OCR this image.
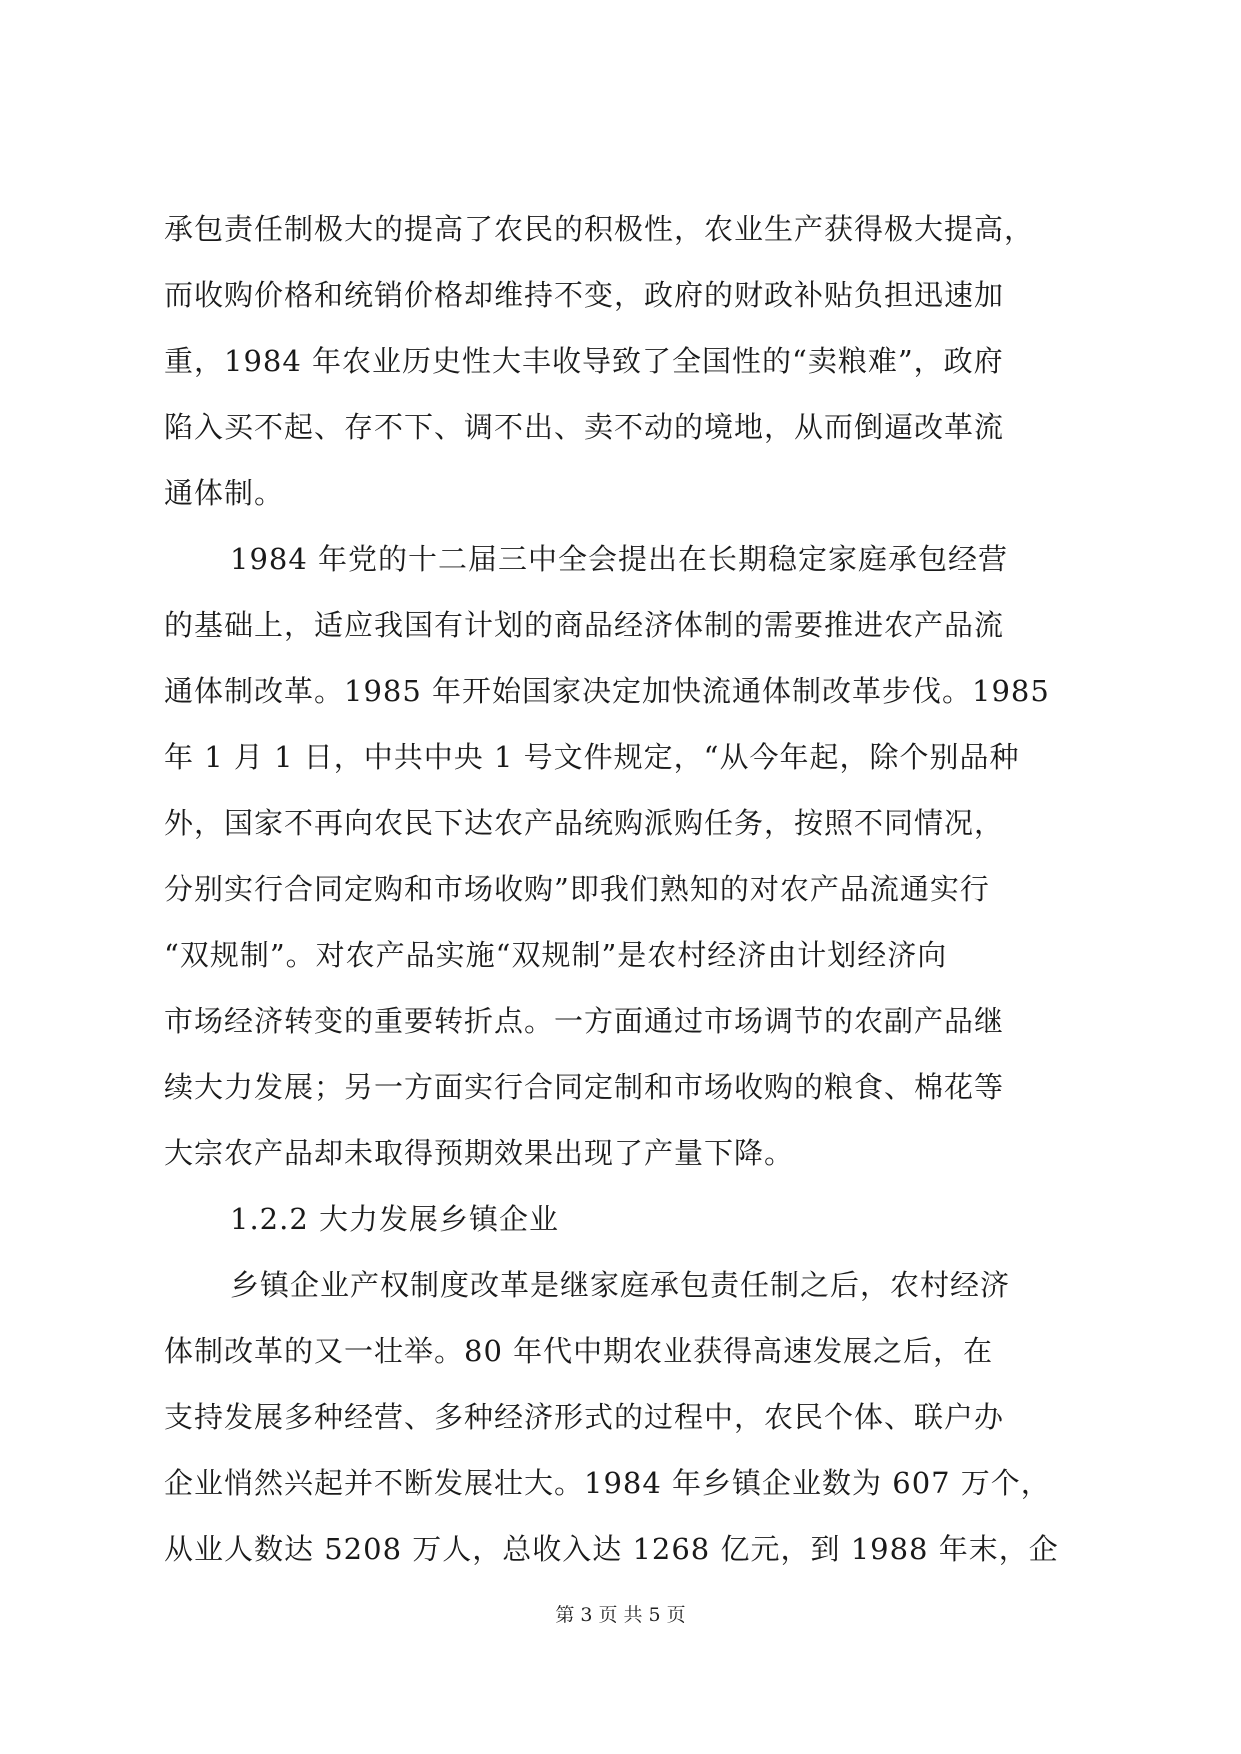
承包责任制极大的提高了农民的积极性，农业生产获得极大提高，
而收购价格和统销价格却维持不变，政府的财政补贴负担迅速加
重，1984 年农业历史性大丰收导致了全国性的“卖粮难”，政府
陷入买不起、存不下、调不出、卖不动的境地，从而倒逼改革流
通体制。
1984 年党的十二届三中全会提出在长期稳定家庭承包经营
的基础上，适应我国有计划的商品经济体制的需要推进农产品流
通体制改革。1985 年开始国家决定加快流通体制改革步伐。1985
年 1 月 1 日，中共中央 1 号文件规定，“从今年起，除个别品种
外，国家不再向农民下达农产品统购派购任务，按照不同情况，
分别实行合同定购和市场收购”即我们熟知的对农产品流通实行
“双规制”。对农产品实施“双规制”是农村经济由计划经济向
市场经济转变的重要转折点。一方面通过市场调节的农副产品继
续大力发展；另一方面实行合同定制和市场收购的粮食、棉花等
大宗农产品却未取得预期效果出现了产量下降。
1.2.2 大力发展乡镇企业
乡镇企业产权制度改革是继家庭承包责任制之后，农村经济
体制改革的又一壮举。80 年代中期农业获得高速发展之后，在
支持发展多种经营、多种经济形式的过程中，农民个体、联户办
企业悄然兴起并不断发展壮大。1984 年乡镇企业数为 607 万个，
从业人数达 5208 万人，总收入达 1268 亿元，到 1988 年末，企
第 3 页 共 5 页
